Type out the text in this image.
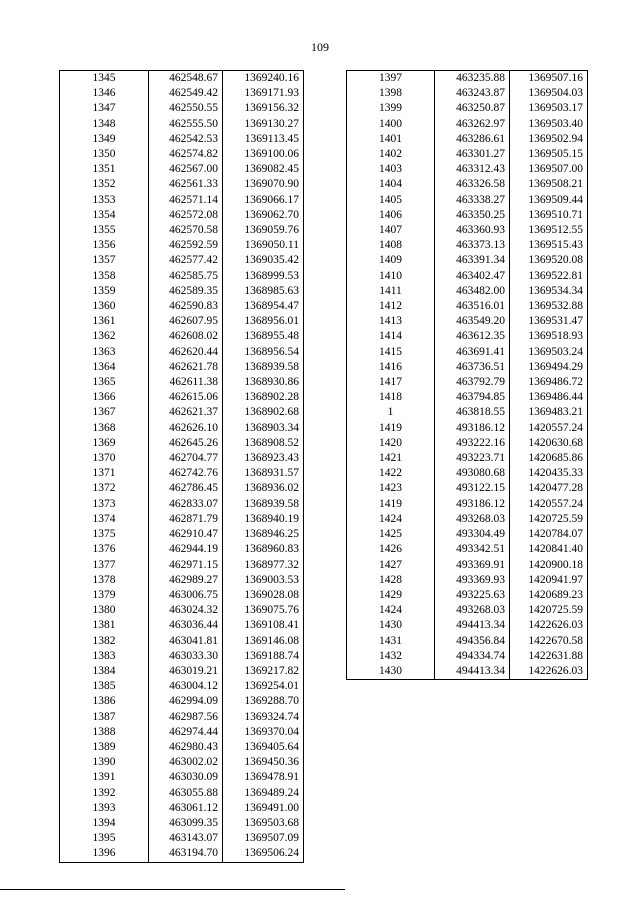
109
1345	462548.67	1369240.16
1346	462549.42	1369171.93
1347	462550.55	1369156.32
1348	462555.50	1369130.27
1349	462542.53	1369113.45
1350	462574.82	1369100.06
1351	462567.00	1369082.45
1352	462561.33	1369070.90
1353	462571.14	1369066.17
1354	462572.08	1369062.70
1355	462570.58	1369059.76
1356	462592.59	1369050.11
1357	462577.42	1369035.42
1358	462585.75	1368999.53
1359	462589.35	1368985.63
1360	462590.83	1368954.47
1361	462607.95	1368956.01
1362	462608.02	1368955.48
1363	462620.44	1368956.54
1364	462621.78	1368939.58
1365	462611.38	1368930.86
1366	462615.06	1368902.28
1367	462621.37	1368902.68
1368	462626.10	1368903.34
1369	462645.26	1368908.52
1370	462704.77	1368923.43
1371	462742.76	1368931.57
1372	462786.45	1368936.02
1373	462833.07	1368939.58
1374	462871.79	1368940.19
1375	462910.47	1368946.25
1376	462944.19	1368960.83
1377	462971.15	1368977.32
1378	462989.27	1369003.53
1379	463006.75	1369028.08
1380	463024.32	1369075.76
1381	463036.44	1369108.41
1382	463041.81	1369146.08
1383	463033.30	1369188.74
1384	463019.21	1369217.82
1385	463004.12	1369254.01
1386	462994.09	1369288.70
1387	462987.56	1369324.74
1388	462974.44	1369370.04
1389	462980.43	1369405.64
1390	463002.02	1369450.36
1391	463030.09	1369478.91
1392	463055.88	1369489.24
1393	463061.12	1369491.00
1394	463099.35	1369503.68
1395	463143.07	1369507.09
1396	463194.70	1369506.24
1397	463235.88	1369507.16
1398	463243.87	1369504.03
1399	463250.87	1369503.17
1400	463262.97	1369503.40
1401	463286.61	1369502.94
1402	463301.27	1369505.15
1403	463312.43	1369507.00
1404	463326.58	1369508.21
1405	463338.27	1369509.44
1406	463350.25	1369510.71
1407	463360.93	1369512.55
1408	463373.13	1369515.43
1409	463391.34	1369520.08
1410	463402.47	1369522.81
1411	463482.00	1369534.34
1412	463516.01	1369532.88
1413	463549.20	1369531.47
1414	463612.35	1369518.93
1415	463691.41	1369503.24
1416	463736.51	1369494.29
1417	463792.79	1369486.72
1418	463794.85	1369486.44
1	463818.55	1369483.21
1419	493186.12	1420557.24
1420	493222.16	1420630.68
1421	493223.71	1420685.86
1422	493080.68	1420435.33
1423	493122.15	1420477.28
1419	493186.12	1420557.24
1424	493268.03	1420725.59
1425	493304.49	1420784.07
1426	493342.51	1420841.40
1427	493369.91	1420900.18
1428	493369.93	1420941.97
1429	493225.63	1420689.23
1424	493268.03	1420725.59
1430	494413.34	1422626.03
1431	494356.84	1422670.58
1432	494334.74	1422631.88
1430	494413.34	1422626.03
